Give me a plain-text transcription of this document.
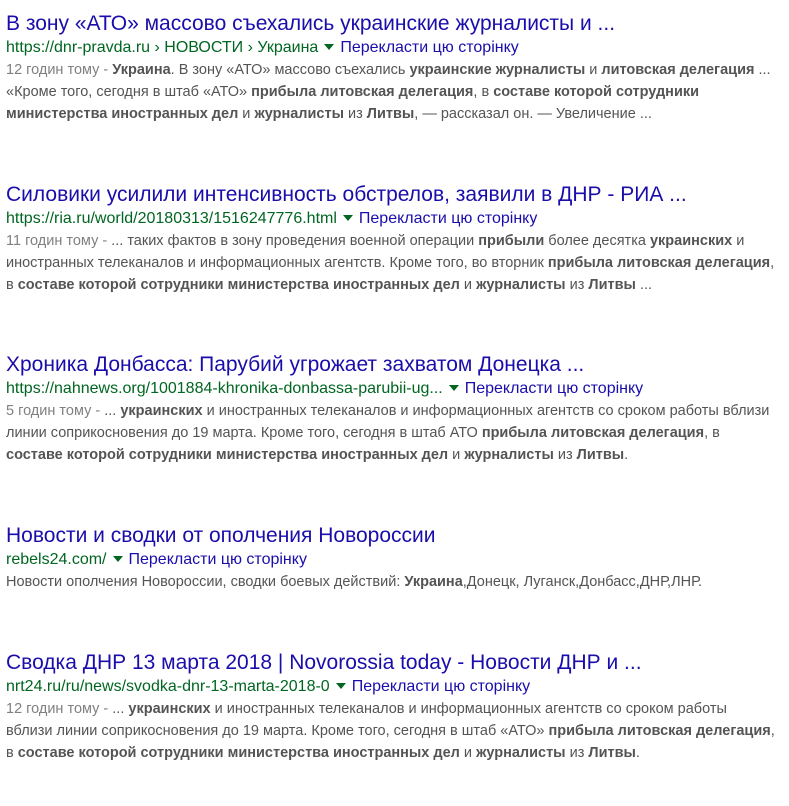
В зону «АТО» массово съехались украинские журналисты и ...
https://dnr-pravda.ru › НОВОСТИ › Украина Перекласти цю сторінку

12 годин тому - Украина. В зону «АТО» массово съехались украинские журналисты и литовская делегация ... «Кроме того, сегодня в штаб «АТО» прибыла литовская делегация, в составе которой сотрудники министерства иностранных дел и журналисты из Литвы, — рассказал он. — Увеличение ...

Силовики усилили интенсивность обстрелов, заявили в ДНР - РИА ...
https://ria.ru/world/20180313/1516247776.html Перекласти цю сторінку

11 годин тому - ... таких фактов в зону проведения военной операции прибыли более десятка украинских и иностранных телеканалов и информационных агентств. Кроме того, во вторник прибыла литовская делегация, в составе которой сотрудники министерства иностранных дел и журналисты из Литвы ...

Хроника Донбасса: Парубий угрожает захватом Донецка ...
https://nahnews.org/1001884-khronika-donbassa-parubii-ug... Перекласти цю сторінку

5 годин тому - ... украинских и иностранных телеканалов и информационных агентств со сроком работы вблизи линии соприкосновения до 19 марта. Кроме того, сегодня в штаб АТО прибыла литовская делегация, в составе которой сотрудники министерства иностранных дел и журналисты из Литвы.

Новости и сводки от ополчения Новороссии
rebels24.com/ Перекласти цю сторінку

Новости ополчения Новороссии, сводки боевых действий: Украина,Донецк, Луганск,Донбасс,ДНР,ЛНР.

Сводка ДНР 13 марта 2018 | Novorossia today - Новости ДНР и ...
nrt24.ru/ru/news/svodka-dnr-13-marta-2018-0 Перекласти цю сторінку

12 годин тому - ... украинских и иностранных телеканалов и информационных агентств со сроком работы вблизи линии соприкосновения до 19 марта. Кроме того, сегодня в штаб «АТО» прибыла литовская делегация, в составе которой сотрудники министерства иностранных дел и журналисты из Литвы.
